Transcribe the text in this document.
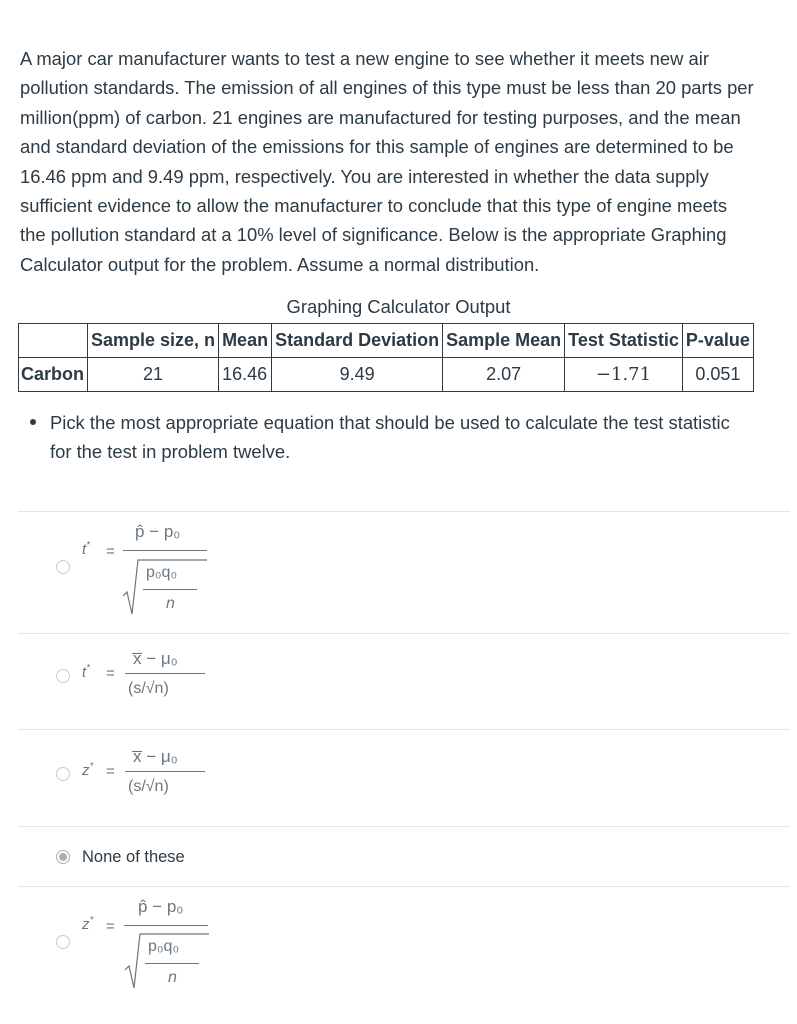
A major car manufacturer wants to test a new engine to see whether it meets new air
pollution standards. The emission of all engines of this type must be less than 20 parts per
million(ppm) of carbon. 21 engines are manufactured for testing purposes, and the mean
and standard deviation of the emissions for this sample of engines are determined to be
16.46 ppm and 9.49 ppm, respectively. You are interested in whether the data supply
sufficient evidence to allow the manufacturer to conclude that this type of engine meets
the pollution standard at a 10% level of significance. Below is the appropriate Graphing
Calculator output for the problem. Assume a normal distribution.
Graphing Calculator Output
	Sample size, n	Mean	Standard Deviation	Sample Mean	Test Statistic	P-value
Carbon	21	16.46	9.49	2.07	−1.71	0.051
Pick the most appropriate equation that should be used to calculate the test statistic
for the test in problem twelve.
t* =
p̂ − p₀
p₀q₀
n
t* =
x̅ − μ₀
(s/√n)
z* =
x̅ − μ₀
(s/√n)
None of these
z* =
p̂ − p₀
p₀q₀
n
